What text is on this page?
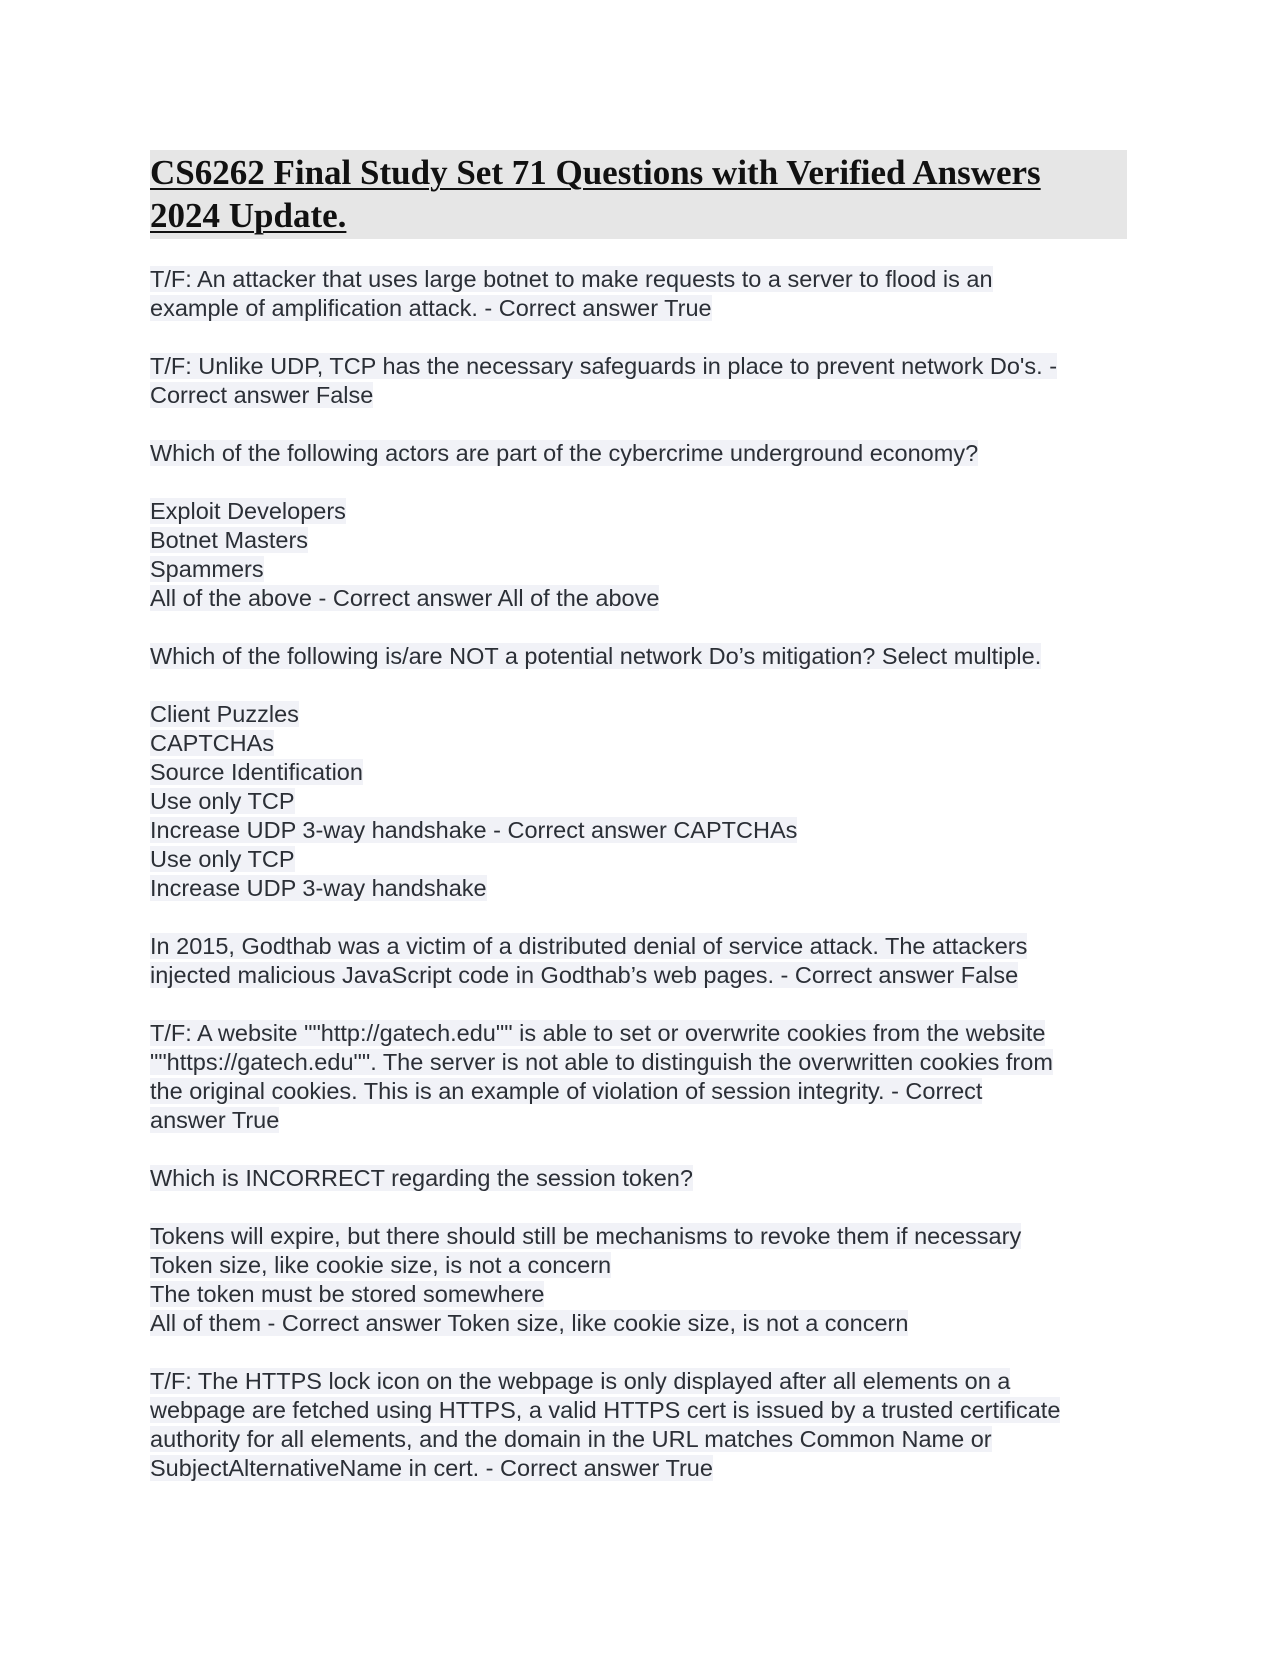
CS6262 Final Study Set 71 Questions with Verified Answers
2024 Update.
T/F: An attacker that uses large botnet to make requests to a server to flood is an
example of amplification attack. - Correct answer True
T/F: Unlike UDP, TCP has the necessary safeguards in place to prevent network Do's. -
Correct answer False
Which of the following actors are part of the cybercrime underground economy?
Exploit Developers
Botnet Masters
Spammers
All of the above - Correct answer All of the above
Which of the following is/are NOT a potential network Do’s mitigation? Select multiple.
Client Puzzles
CAPTCHAs
Source Identification
Use only TCP
Increase UDP 3-way handshake - Correct answer CAPTCHAs
Use only TCP
Increase UDP 3-way handshake
In 2015, Godthab was a victim of a distributed denial of service attack. The attackers
injected malicious JavaScript code in Godthab’s web pages. - Correct answer False
T/F: A website ""http://gatech.edu"" is able to set or overwrite cookies from the website
""https://gatech.edu"". The server is not able to distinguish the overwritten cookies from
the original cookies. This is an example of violation of session integrity. - Correct
answer True
Which is INCORRECT regarding the session token?
Tokens will expire, but there should still be mechanisms to revoke them if necessary
Token size, like cookie size, is not a concern
The token must be stored somewhere
All of them - Correct answer Token size, like cookie size, is not a concern
T/F: The HTTPS lock icon on the webpage is only displayed after all elements on a
webpage are fetched using HTTPS, a valid HTTPS cert is issued by a trusted certificate
authority for all elements, and the domain in the URL matches Common Name or
SubjectAlternativeName in cert. - Correct answer True
